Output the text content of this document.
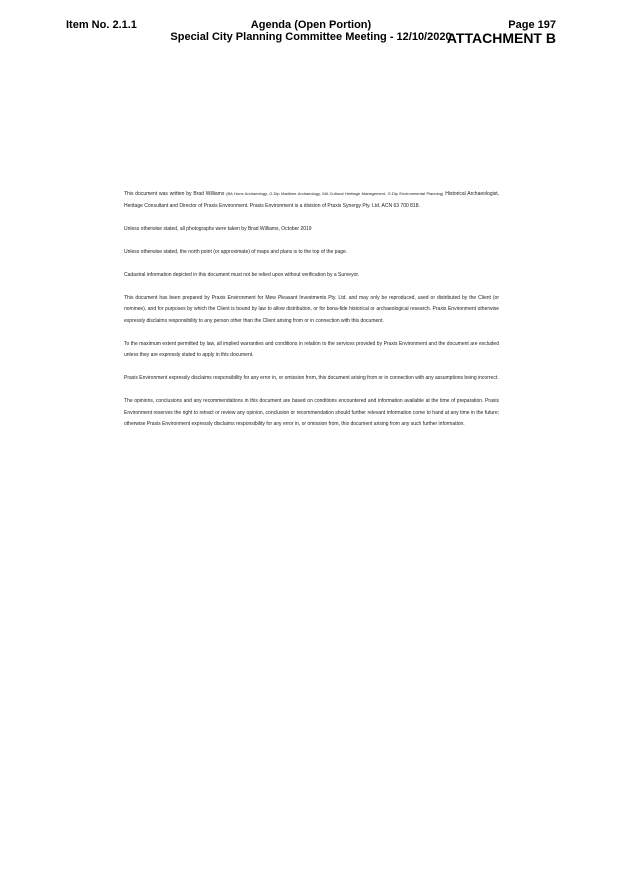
Item No. 2.1.1	Agenda (Open Portion)
Special City Planning Committee Meeting - 12/10/2020
Page 197
ATTACHMENT B

This document was written by Brad Williams (BA Hons Archaeology, G.Dip Maritime Archaeology, MA Cultural Heritage Management, G.Dip Environmental Planning) Historical Archaeologist, Heritage Consultant and Director of Praxis Environment. Praxis Environment is a division of Praxis Synergy Pty. Ltd. ACN 63 700 818.

Unless otherwise stated, all photographs were taken by Brad Williams, October 2019

Unless otherwise stated, the north point (or approximate) of maps and plans is to the top of the page.

Cadastral information depicted in this document must not be relied upon without verification by a Surveyor.

This document has been prepared by Praxis Environment for Mew Pleasant Investments Pty. Ltd. and may only be reproduced, used or distributed by the Client (or nominee), and for purposes by which the Client is bound by law to allow distribution, or for bona-fide historical or archaeological research. Praxis Environment otherwise expressly disclaims responsibility to any person other than the Client arising from or in connection with this document.

To the maximum extent permitted by law, all implied warranties and conditions in relation to the services provided by Praxis Environment and the document are excluded unless they are expressly stated to apply in this document.

Praxis Environment expressly disclaims responsibility for any error in, or omission from, this document arising from or in connection with any assumptions being incorrect.

The opinions, conclusions and any recommendations in this document are based on conditions encountered and information available at the time of preparation. Praxis Environment reserves the right to retract or review any opinion, conclusion or recommendation should further relevant information come to hand at any time in the future; otherwise Praxis Environment expressly disclaims responsibility for any error in, or omission from, this document arising from any such further information.
